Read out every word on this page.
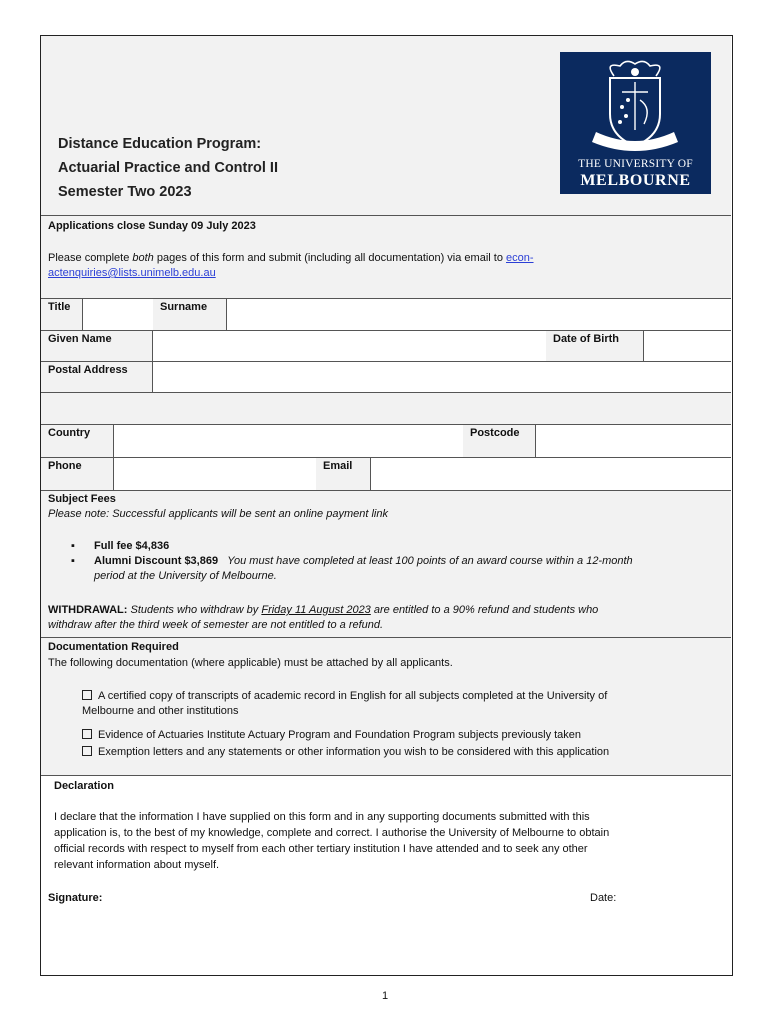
Distance Education Program:
Actuarial Practice and Control II
Semester Two 2023
THE UNIVERSITY OF
MELBOURNE
Applications close Sunday 09 July 2023
Please complete both pages of this form and submit (including all documentation) via email to econ-
actenquiries@lists.unimelb.edu.au
Title	Surname
Given Name	Date of Birth
Postal Address
Country	Postcode
Phone	Email
Subject Fees
Please note: Successful applicants will be sent an online payment link
▪ Full fee $4,836
▪ Alumni Discount $3,869 You must have completed at least 100 points of an award course within a 12-month
period at the University of Melbourne.
WITHDRAWAL: Students who withdraw by Friday 11 August 2023 are entitled to a 90% refund and students who
withdraw after the third week of semester are not entitled to a refund.
Documentation Required
The following documentation (where applicable) must be attached by all applicants.
A certified copy of transcripts of academic record in English for all subjects completed at the University of
Melbourne and other institutions
Evidence of Actuaries Institute Actuary Program and Foundation Program subjects previously taken
Exemption letters and any statements or other information you wish to be considered with this application
Declaration
I declare that the information I have supplied on this form and in any supporting documents submitted with this
application is, to the best of my knowledge, complete and correct. I authorise the University of Melbourne to obtain
official records with respect to myself from each other tertiary institution I have attended and to seek any other
relevant information about myself.
Signature:	Date:
1
